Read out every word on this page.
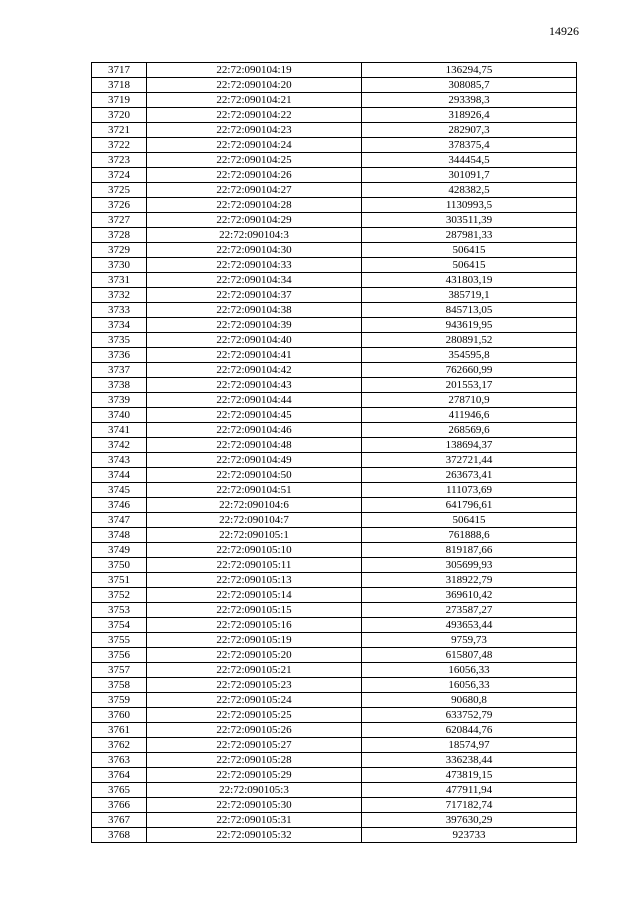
14926
3717	22:72:090104:19	136294,75
3718	22:72:090104:20	308085,7
3719	22:72:090104:21	293398,3
3720	22:72:090104:22	318926,4
3721	22:72:090104:23	282907,3
3722	22:72:090104:24	378375,4
3723	22:72:090104:25	344454,5
3724	22:72:090104:26	301091,7
3725	22:72:090104:27	428382,5
3726	22:72:090104:28	1130993,5
3727	22:72:090104:29	303511,39
3728	22:72:090104:3	287981,33
3729	22:72:090104:30	506415
3730	22:72:090104:33	506415
3731	22:72:090104:34	431803,19
3732	22:72:090104:37	385719,1
3733	22:72:090104:38	845713,05
3734	22:72:090104:39	943619,95
3735	22:72:090104:40	280891,52
3736	22:72:090104:41	354595,8
3737	22:72:090104:42	762660,99
3738	22:72:090104:43	201553,17
3739	22:72:090104:44	278710,9
3740	22:72:090104:45	411946,6
3741	22:72:090104:46	268569,6
3742	22:72:090104:48	138694,37
3743	22:72:090104:49	372721,44
3744	22:72:090104:50	263673,41
3745	22:72:090104:51	111073,69
3746	22:72:090104:6	641796,61
3747	22:72:090104:7	506415
3748	22:72:090105:1	761888,6
3749	22:72:090105:10	819187,66
3750	22:72:090105:11	305699,93
3751	22:72:090105:13	318922,79
3752	22:72:090105:14	369610,42
3753	22:72:090105:15	273587,27
3754	22:72:090105:16	493653,44
3755	22:72:090105:19	9759,73
3756	22:72:090105:20	615807,48
3757	22:72:090105:21	16056,33
3758	22:72:090105:23	16056,33
3759	22:72:090105:24	90680,8
3760	22:72:090105:25	633752,79
3761	22:72:090105:26	620844,76
3762	22:72:090105:27	18574,97
3763	22:72:090105:28	336238,44
3764	22:72:090105:29	473819,15
3765	22:72:090105:3	477911,94
3766	22:72:090105:30	717182,74
3767	22:72:090105:31	397630,29
3768	22:72:090105:32	923733
